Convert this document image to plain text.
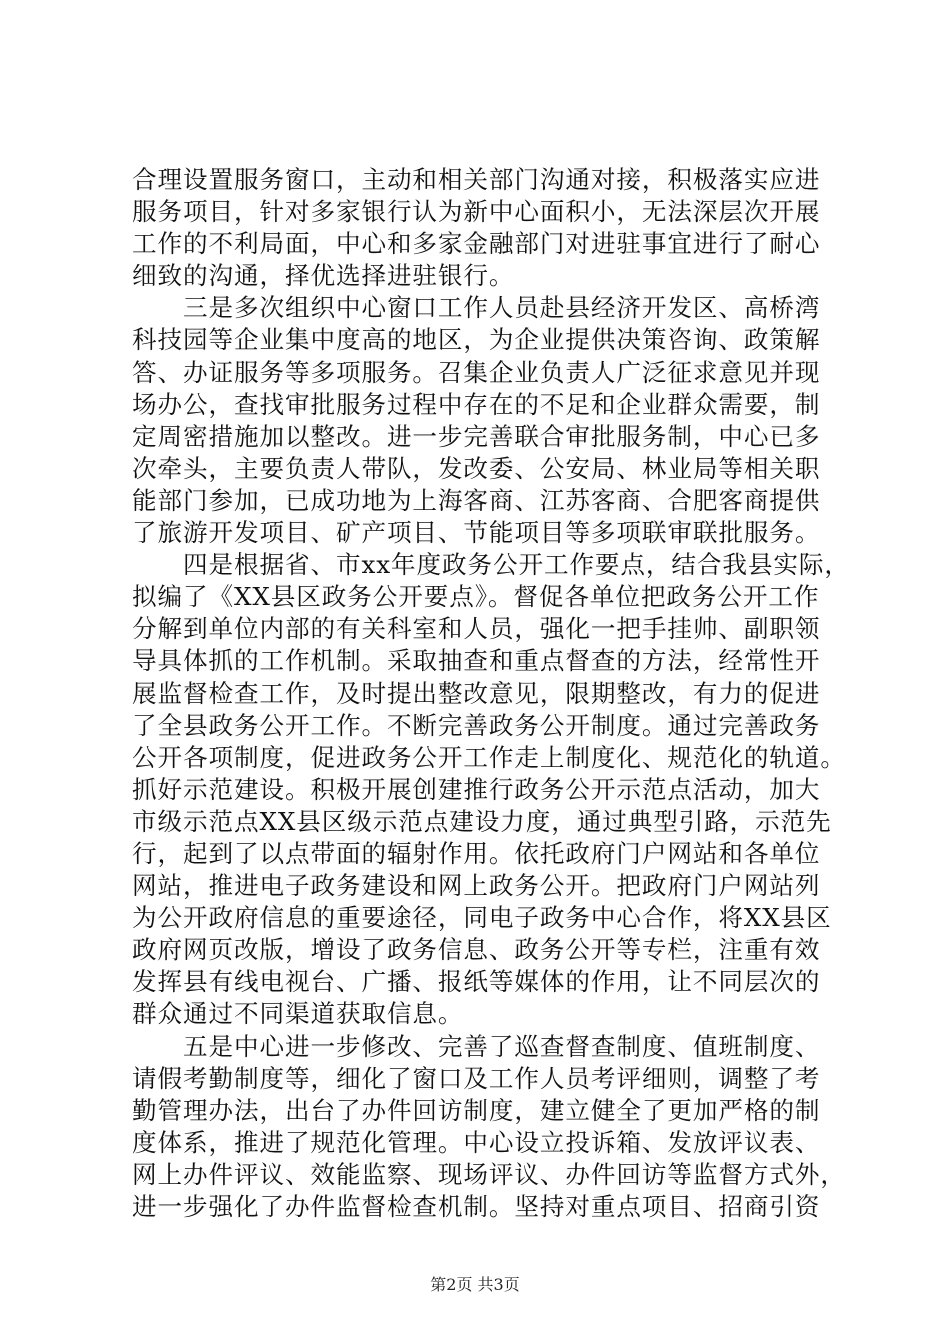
合理设置服务窗口，主动和相关部门沟通对接，积极落实应进
服务项目，针对多家银行认为新中心面积小，无法深层次开展
工作的不利局面，中心和多家金融部门对进驻事宜进行了耐心
细致的沟通，择优选择进驻银行。
　　三是多次组织中心窗口工作人员赴县经济开发区、高桥湾
科技园等企业集中度高的地区，为企业提供决策咨询、政策解
答、办证服务等多项服务。召集企业负责人广泛征求意见并现
场办公，查找审批服务过程中存在的不足和企业群众需要，制
定周密措施加以整改。进一步完善联合审批服务制，中心已多
次牵头，主要负责人带队，发改委、公安局、林业局等相关职
能部门参加，已成功地为上海客商、江苏客商、合肥客商提供
了旅游开发项目、矿产项目、节能项目等多项联审联批服务。
　　四是根据省、市xx年度政务公开工作要点，结合我县实际，
拟编了《XX县区政务公开要点》。督促各单位把政务公开工作
分解到单位内部的有关科室和人员，强化一把手挂帅、副职领
导具体抓的工作机制。采取抽查和重点督查的方法，经常性开
展监督检查工作，及时提出整改意见，限期整改，有力的促进
了全县政务公开工作。不断完善政务公开制度。通过完善政务
公开各项制度，促进政务公开工作走上制度化、规范化的轨道。
抓好示范建设。积极开展创建推行政务公开示范点活动，加大
市级示范点XX县区级示范点建设力度，通过典型引路，示范先
行，起到了以点带面的辐射作用。依托政府门户网站和各单位
网站，推进电子政务建设和网上政务公开。把政府门户网站列
为公开政府信息的重要途径，同电子政务中心合作，将XX县区
政府网页改版，增设了政务信息、政务公开等专栏，注重有效
发挥县有线电视台、广播、报纸等媒体的作用，让不同层次的
群众通过不同渠道获取信息。
　　五是中心进一步修改、完善了巡查督查制度、值班制度、
请假考勤制度等，细化了窗口及工作人员考评细则，调整了考
勤管理办法，出台了办件回访制度，建立健全了更加严格的制
度体系，推进了规范化管理。中心设立投诉箱、发放评议表、
网上办件评议、效能监察、现场评议、办件回访等监督方式外，
进一步强化了办件监督检查机制。坚持对重点项目、招商引资
第2页 共3页
